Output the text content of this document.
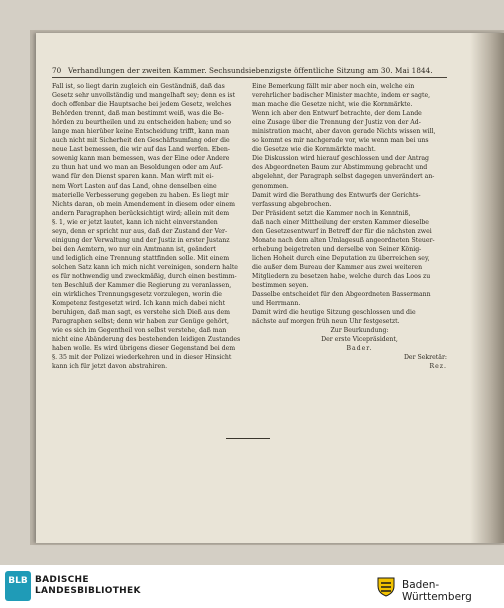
70 Verhandlungen der zweiten Kammer. Sechsundsiebenzigste öffentliche Sitzung am 30. Mai 1844.
Fall ist, so liegt darin zugleich ein Geständniß, daß das
Gesetz sehr unvollständig und mangelhaft sey; denn es ist
doch offenbar die Hauptsache bei jedem Gesetz, welches
Behörden trennt, daß man bestimmt weiß, was die Be-
hörden zu beurtheilen und zu entscheiden haben; und so
lange man hierüber keine Entscheidung trifft, kann man
auch nicht mit Sicherheit den Geschäftsumfang oder die
neue Last bemessen, die wir auf das Land werfen. Eben-
sowenig kann man bemessen, was der Eine oder Andere
zu thun hat und wo man an Besoldungen oder am Auf-
wand für den Dienst sparen kann. Man wirft mit ei-
nem Wort Lasten auf das Land, ohne denselben eine
materielle Verbesserung gegeben zu haben. Es liegt mir
Nichts daran, ob mein Amendement in diesem oder einem
andern Paragraphen berücksichtigt wird; allein mit dem
§. 1, wie er jetzt lautet, kann ich nicht einverstanden
seyn, denn er spricht nur aus, daß der Zustand der Ver-
einigung der Verwaltung und der Justiz in erster Justanz
bei den Aemtern, wo nur ein Amtmann ist, geändert
und lediglich eine Trennung stattfinden solle. Mit einem
solchen Satz kann ich mich nicht vereinigen, sondern halte
es für nothwendig und zweckmäßig, durch einen bestimm-
ten Beschluß der Kammer die Regierung zu veranlassen,
ein wirkliches Trennungsgesetz vorzulegen, worin die
Kompetenz festgesetzt wird. Ich kann mich dabei nicht
beruhigen, daß man sagt, es verstehe sich Dieß aus dem
Paragraphen selbst; denn wir haben zur Genüge gehört,
wie es sich im Gegentheil von selbst verstehe, daß man
nicht eine Abänderung des bestehenden leidigen Zustandes
haben wolle. Es wird übrigens dieser Gegenstand bei dem
§. 35 mit der Polizei wiederkehren und in dieser Hinsicht
kann ich für jetzt davon abstrahiren.
Eine Bemerkung fällt mir aber noch ein, welche ein
verehrlicher badischer Minister machte, indem er sagte,
man mache die Gesetze nicht, wie die Kornmärkte.
Wenn ich aber den Entwurf betrachte, der dem Lande
eine Zusage über die Trennung der Justiz von der Ad-
ministration macht, aber davon gerade Nichts wissen will,
so kommt es mir nachgerade vor, wie wenn man bei uns
die Gesetze wie die Kornmärkte macht.
Die Diskussion wird hierauf geschlossen und der Antrag
des Abgeordneten Baum zur Abstimmung gebracht und
abgelehnt, der Paragraph selbst dagegen unverändert an-
genommen.
Damit wird die Berathung des Entwurfs der Gerichts-
verfassung abgebrochen.
Der Präsident setzt die Kammer noch in Kenntniß,
daß nach einer Mittheilung der ersten Kammer dieselbe
den Gesetzesentwurf in Betreff der für die nächsten zwei
Monate nach dem alten Umlagesuß angeordneten Steuer-
erhebung beigetreten und derselbe von Seiner König-
lichen Hoheit durch eine Deputation zu überreichen sey,
die außer dem Bureau der Kammer aus zwei weiteren
Mitgliedern zu besetzen habe, welche durch das Loos zu
bestimmen seyen.
Dasselbe entscheidet für den Abgeordneten Bassermann
und Herrmann.
Damit wird die heutige Sitzung geschlossen und die
nächste auf morgen früh neun Uhr festgesetzt.
Zur Beurkundung:
Der erste Vicepräsident,
Bader.
Der Sekretär:
Rez.
BLB BADISCHE
LANDESBIBLIOTHEK	Baden-Württemberg
